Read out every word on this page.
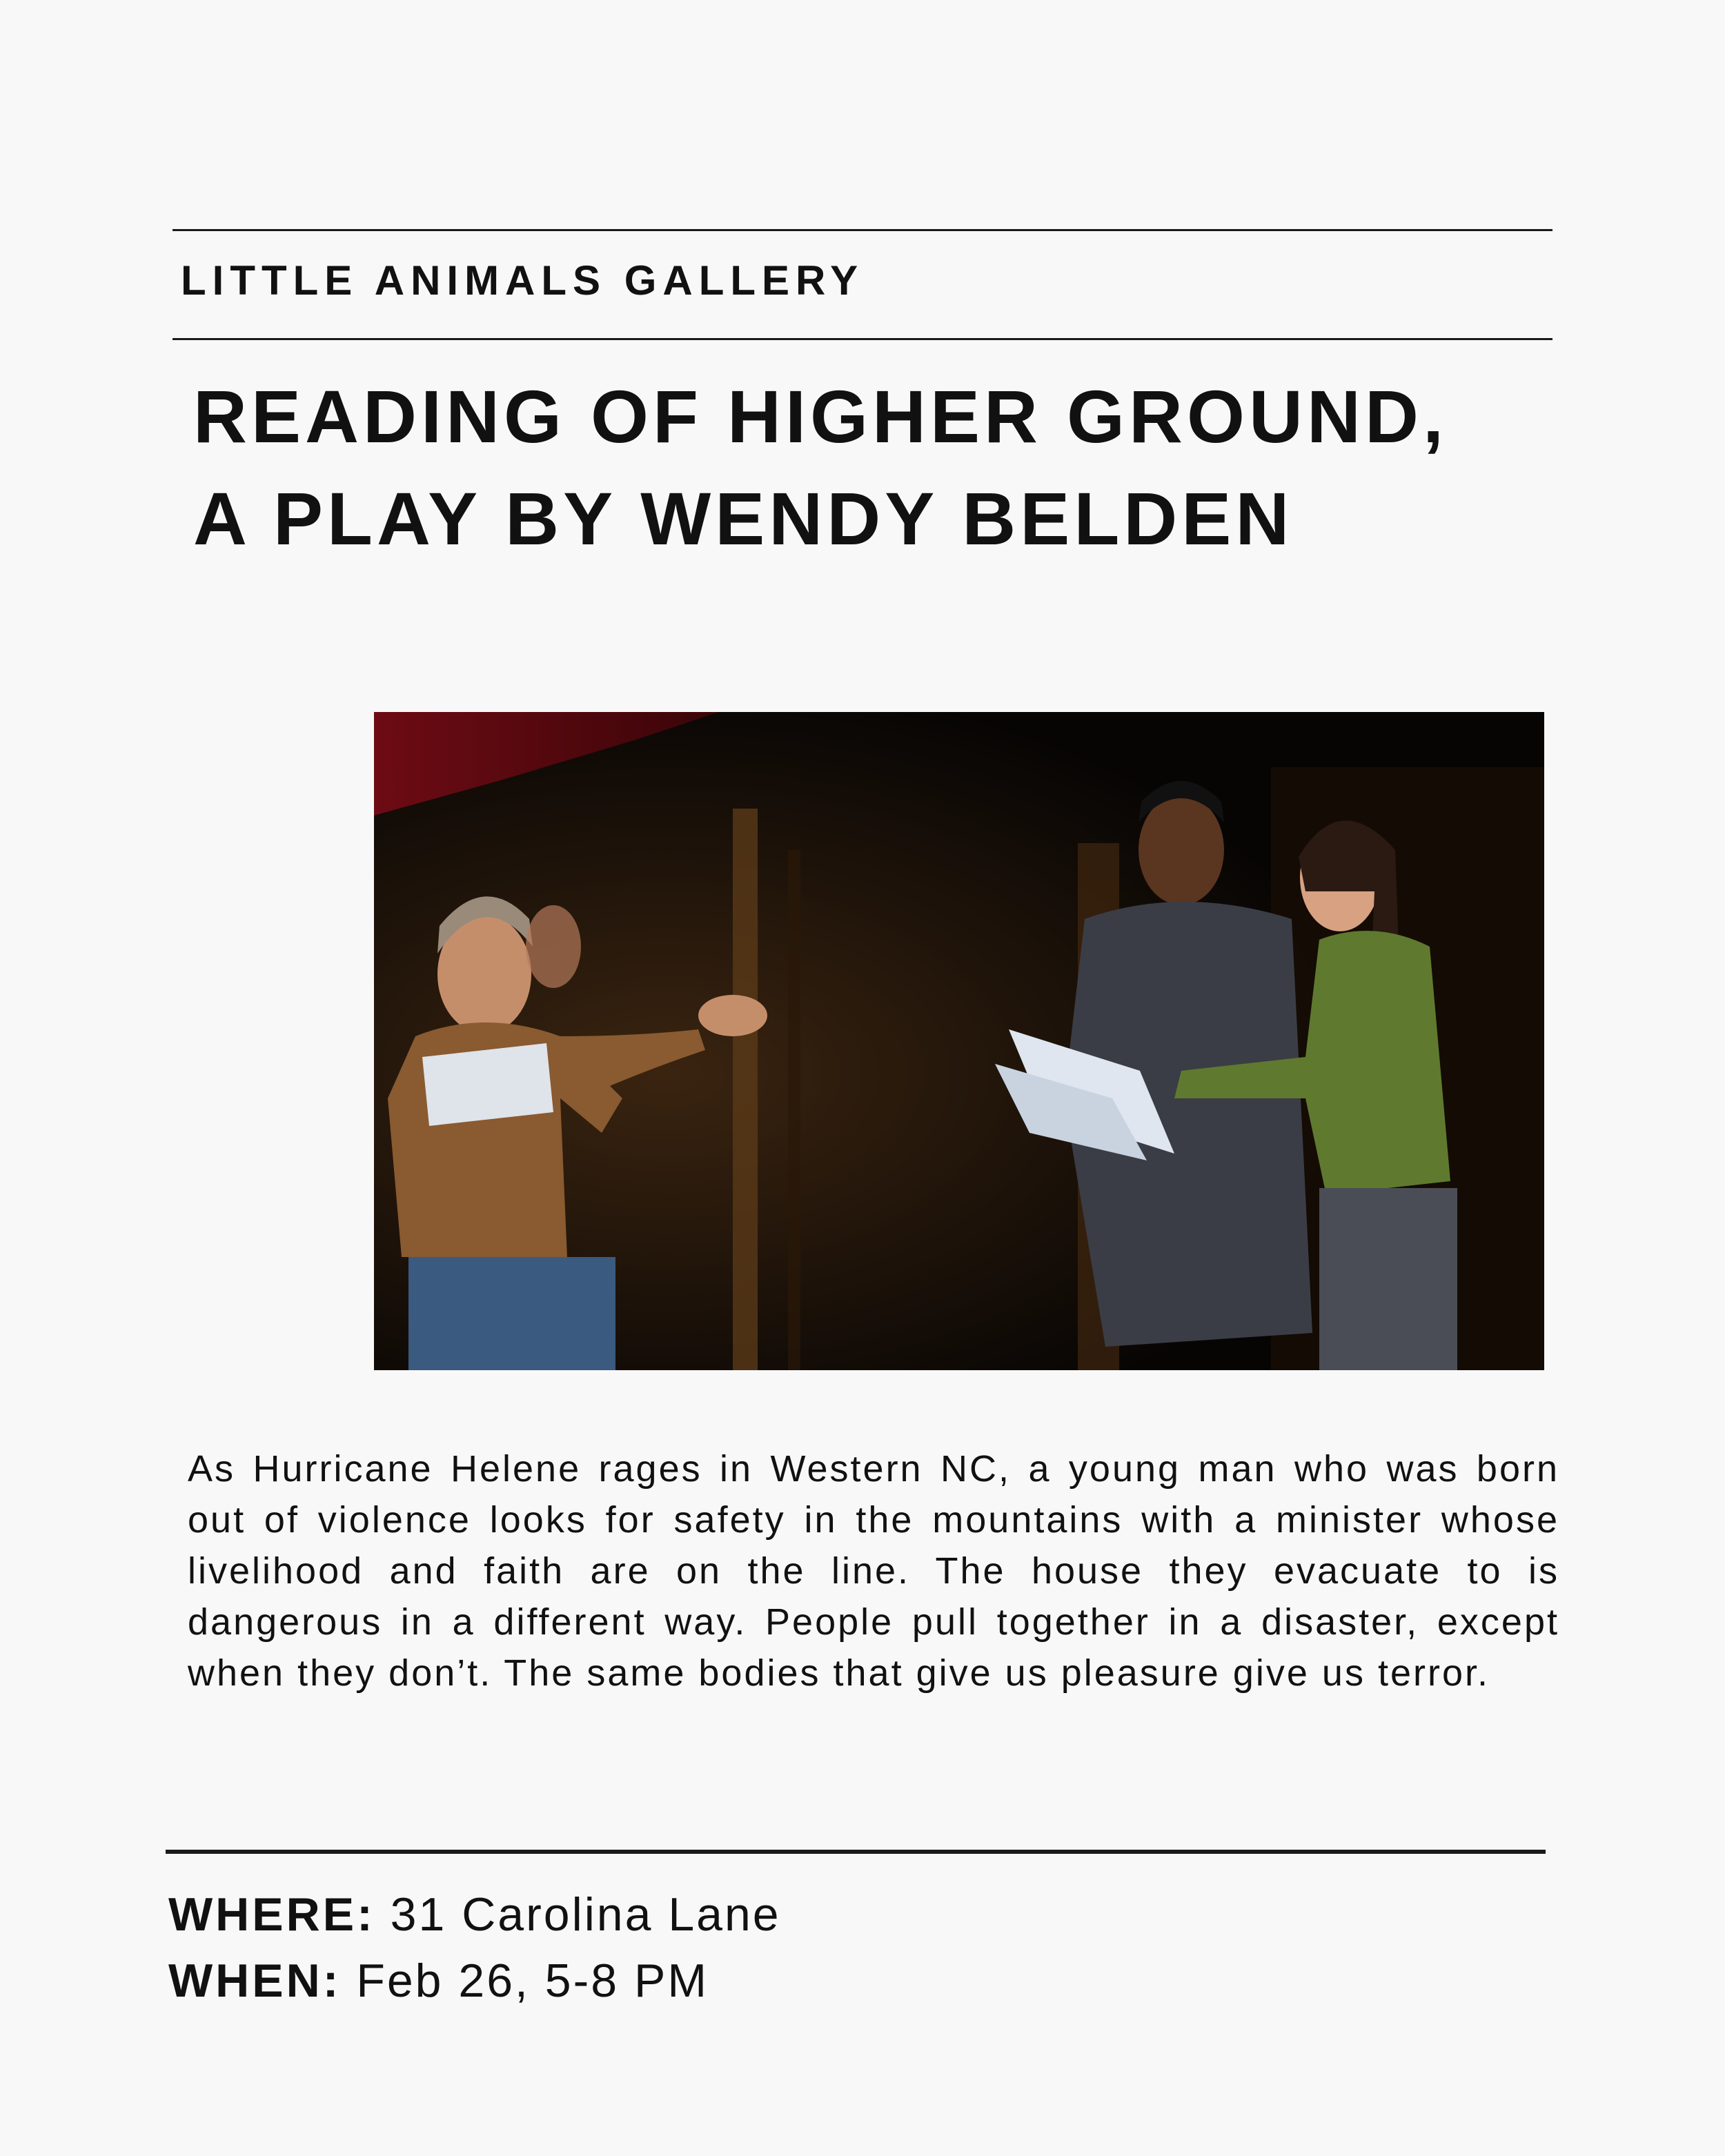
LITTLE ANIMALS GALLERY
READING OF HIGHER GROUND, A PLAY BY WENDY BELDEN

As Hurricane Helene rages in Western NC, a young man who was born out of violence looks for safety in the mountains with a minister whose livelihood and faith are on the line. The house they evacuate to is dangerous in a different way. People pull together in a disaster, except when they don’t. The same bodies that give us pleasure give us terror.

WHERE: 31 Carolina Lane

WHEN: Feb 26, 5-8 PM
